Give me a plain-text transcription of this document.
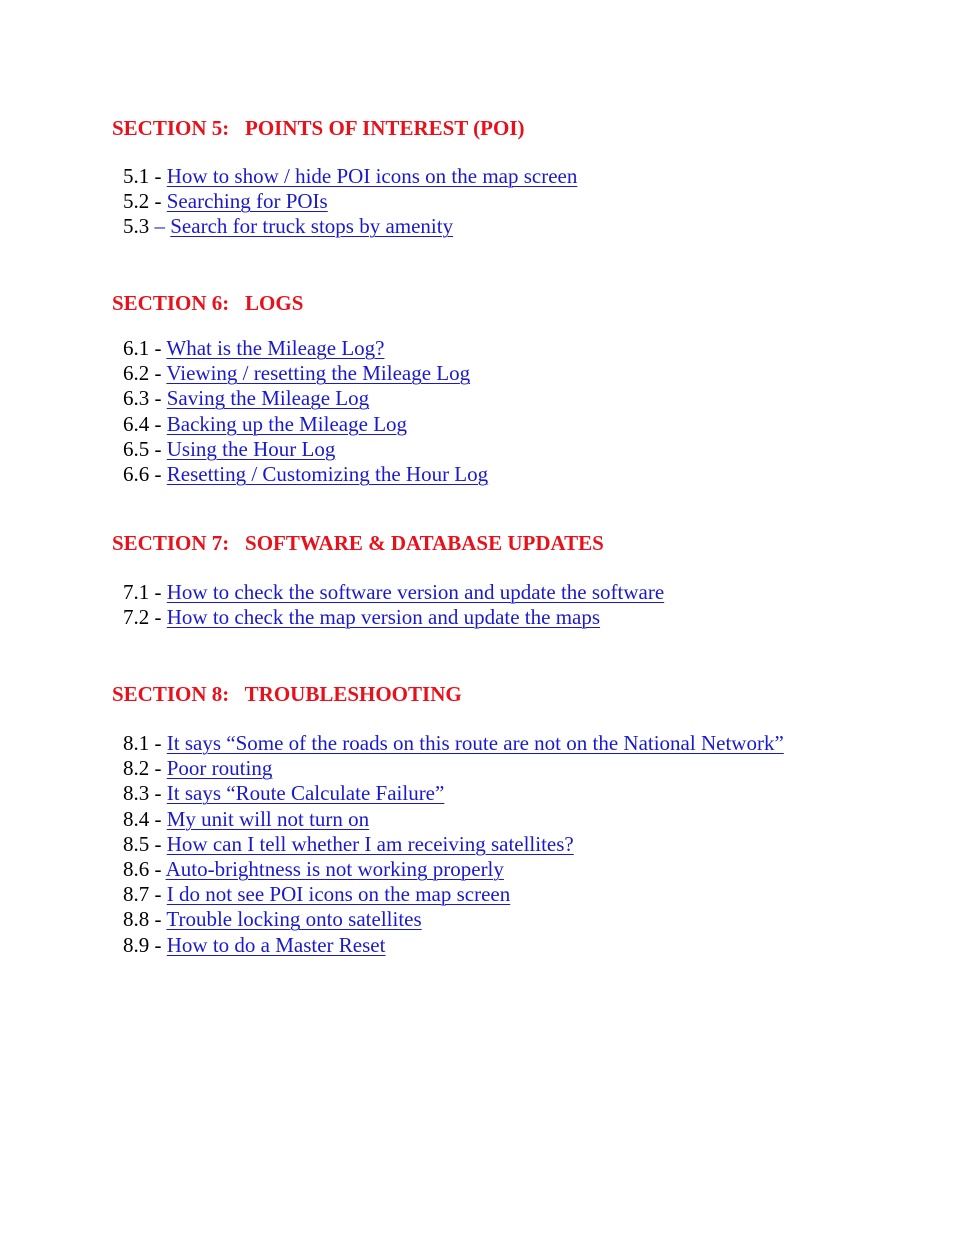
SECTION 5:   POINTS OF INTEREST (POI)
5.1 - How to show / hide POI icons on the map screen
5.2 - Searching for POIs
5.3 – Search for truck stops by amenity
SECTION 6:   LOGS
6.1 - What is the Mileage Log?
6.2 - Viewing / resetting the Mileage Log
6.3 - Saving the Mileage Log
6.4 - Backing up the Mileage Log
6.5 - Using the Hour Log
6.6 - Resetting / Customizing the Hour Log
SECTION 7:   SOFTWARE & DATABASE UPDATES
7.1 - How to check the software version and update the software
7.2 - How to check the map version and update the maps
SECTION 8:   TROUBLESHOOTING
8.1 - It says “Some of the roads on this route are not on the National Network”
8.2 - Poor routing
8.3 - It says “Route Calculate Failure”
8.4 - My unit will not turn on
8.5 - How can I tell whether I am receiving satellites?
8.6 - Auto-brightness is not working properly
8.7 - I do not see POI icons on the map screen
8.8 - Trouble locking onto satellites
8.9 - How to do a Master Reset
